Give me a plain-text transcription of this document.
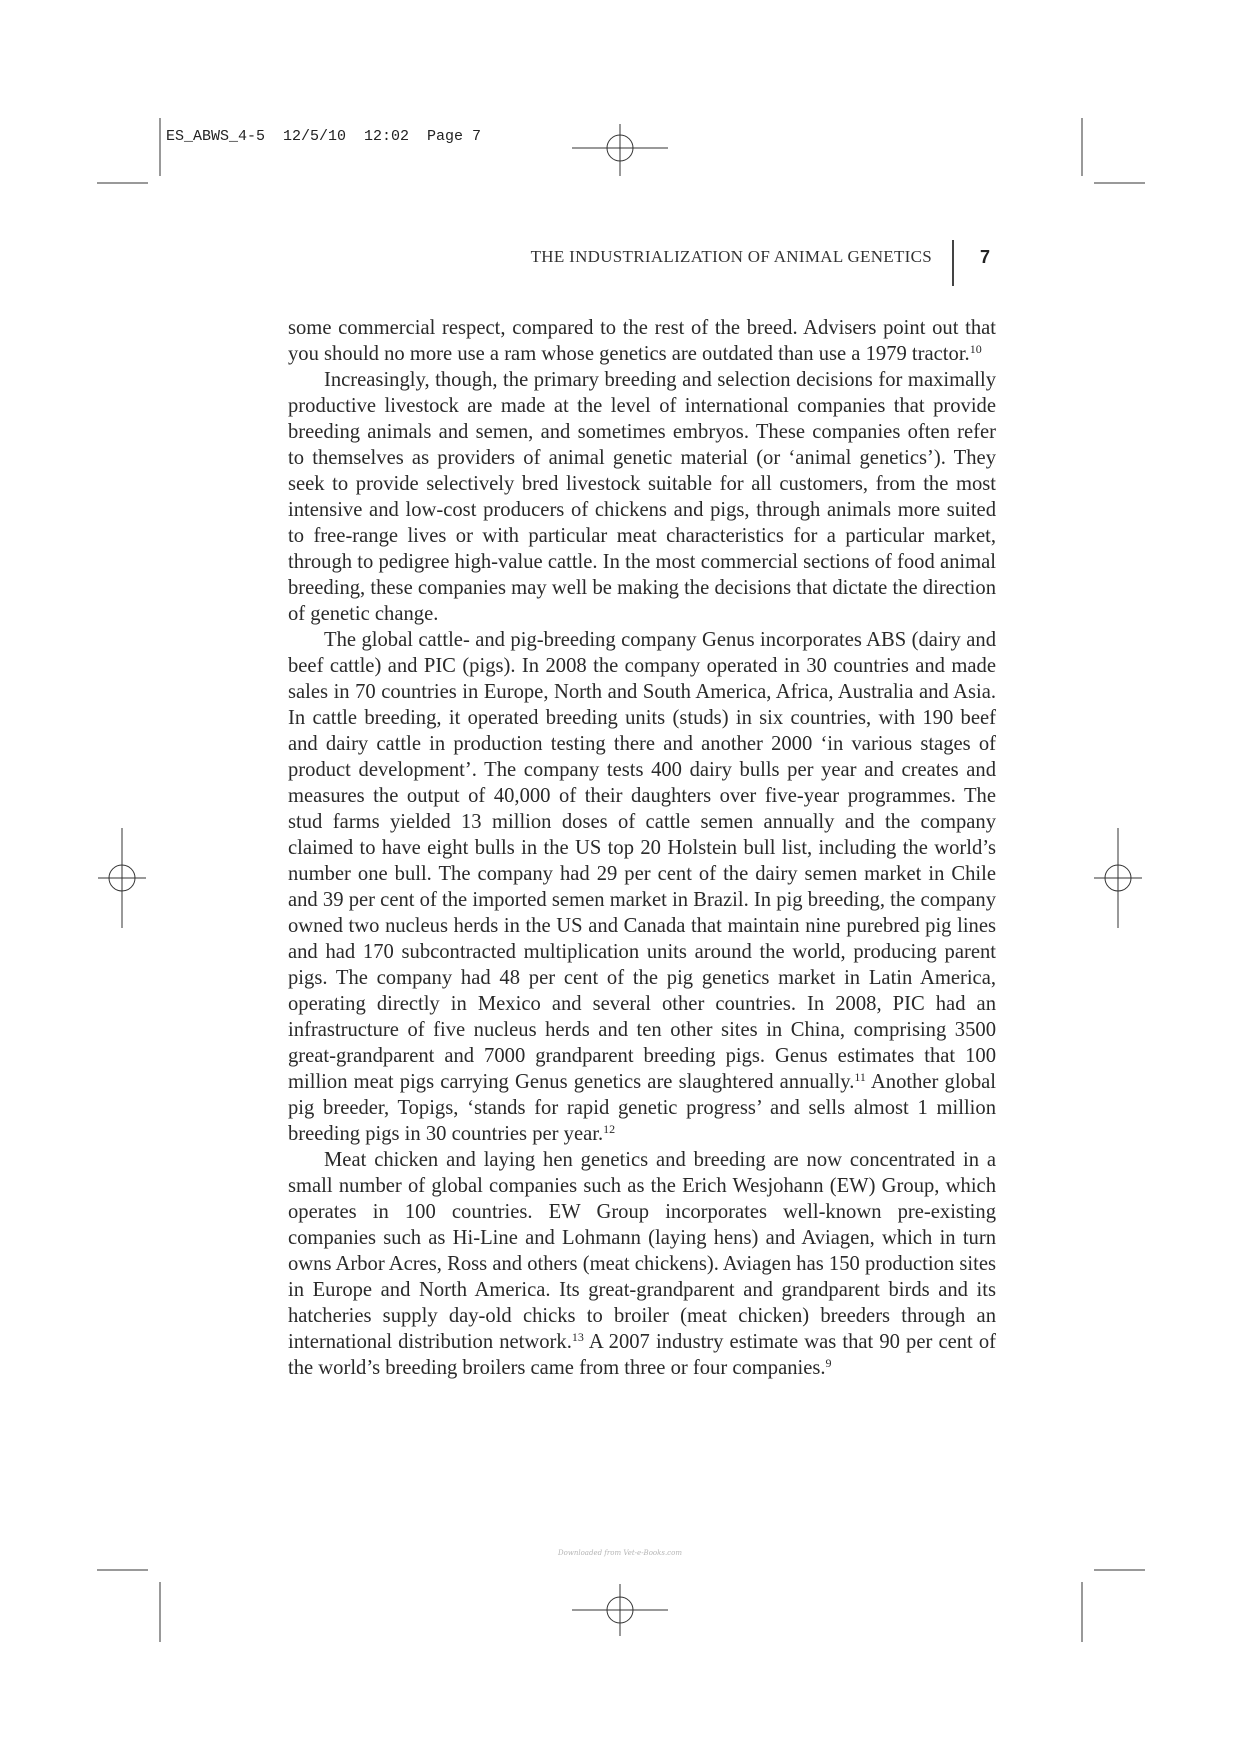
ES_ABWS_4-5  12/5/10  12:02  Page 7
THE INDUSTRIALIZATION OF ANIMAL GENETICS	7

some commercial respect, compared to the rest of the breed. Advisers point out that you should no more use a ram whose genetics are outdated than use a 1979 tractor.$^{10}$

Increasingly, though, the primary breeding and selection decisions for maximally productive livestock are made at the level of international companies that provide breeding animals and semen, and sometimes embryos. These companies often refer to themselves as providers of animal genetic material (or ‘animal genetics’). They seek to provide selectively bred livestock suitable for all customers, from the most intensive and low-cost producers of chickens and pigs, through animals more suited to free-range lives or with particular meat characteristics for a particular market, through to pedigree high-value cattle. In the most commercial sections of food animal breeding, these companies may well be making the decisions that dictate the direction of genetic change.

The global cattle- and pig-breeding company Genus incorporates ABS (dairy and beef cattle) and PIC (pigs). In 2008 the company operated in 30 countries and made sales in 70 countries in Europe, North and South America, Africa, Australia and Asia. In cattle breeding, it operated breeding units (studs) in six countries, with 190 beef and dairy cattle in production testing there and another 2000 ‘in various stages of product development’. The company tests 400 dairy bulls per year and creates and measures the output of 40,000 of their daughters over five-year programmes. The stud farms yielded 13 million doses of cattle semen annually and the company claimed to have eight bulls in the US top 20 Holstein bull list, including the world’s number one bull. The company had 29 per cent of the dairy semen market in Chile and 39 per cent of the imported semen market in Brazil. In pig breeding, the company owned two nucleus herds in the US and Canada that maintain nine purebred pig lines and had 170 subcontracted multiplication units around the world, producing parent pigs. The company had 48 per cent of the pig genetics market in Latin America, operating directly in Mexico and several other countries. In 2008, PIC had an infrastructure of five nucleus herds and ten other sites in China, comprising 3500 great-grandparent and 7000 grandparent breeding pigs. Genus estimates that 100 million meat pigs carrying Genus genetics are slaughtered annually.$^{11}$ Another global pig breeder, Topigs, ‘stands for rapid genetic progress’ and sells almost 1 million breeding pigs in 30 countries per year.$^{12}$

Meat chicken and laying hen genetics and breeding are now concentrated in a small number of global companies such as the Erich Wesjohann (EW) Group, which operates in 100 countries. EW Group incorporates well-known pre-existing companies such as Hi-Line and Lohmann (laying hens) and Aviagen, which in turn owns Arbor Acres, Ross and others (meat chickens). Aviagen has 150 production sites in Europe and North America. Its great-grandparent and grandparent birds and its hatcheries supply day-old chicks to broiler (meat chicken) breeders through an international distribution network.$^{13}$ A 2007 industry estimate was that 90 per cent of the world’s breeding broilers came from three or four companies.$^9$

Downloaded from Vet-e-Books.com
